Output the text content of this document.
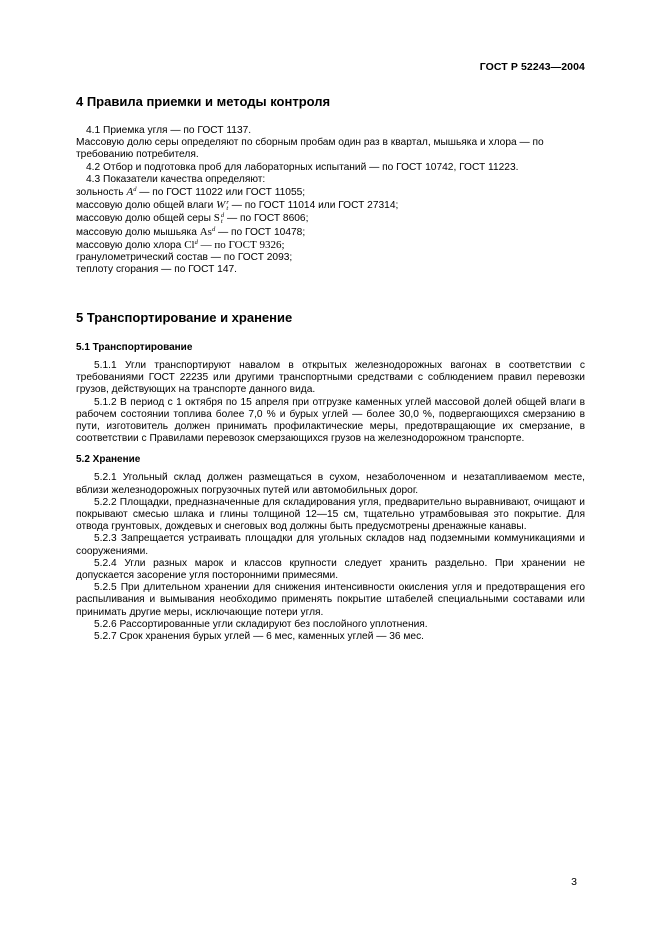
ГОСТ Р 52243—2004
4 Правила приемки и методы контроля

4.1 Приемка угля — по ГОСТ 1137.

Массовую долю серы определяют по сборным пробам один раз в квартал, мышьяка и хлора — по требованию потребителя.

4.2 Отбор и подготовка проб для лабораторных испытаний — по ГОСТ 10742, ГОСТ 11223.

4.3 Показатели качества определяют:

зольность $A^d$ — по ГОСТ 11022 или ГОСТ 11055;

массовую долю общей влаги W r
t — по ГОСТ 11014 или ГОСТ 27314;

массовую долю общей серы S d
t — по ГОСТ 8606;

массовую долю мышьяка As$^d$ — по ГОСТ 10478;

массовую долю хлора Cl$^d$ — по ГОСТ 9326;

гранулометрический состав — по ГОСТ 2093;

теплоту сгорания — по ГОСТ 147.

5 Транспортирование и хранение
5.1 Транспортирование

5.1.1 Угли транспортируют навалом в открытых железнодорожных вагонах в соответствии с требованиями ГОСТ 22235 или другими транспортными средствами с соблюдением правил перевозки грузов, действующих на транспорте данного вида.

5.1.2 В период с 1 октября по 15 апреля при отгрузке каменных углей массовой долей общей влаги в рабочем состоянии топлива более 7,0 % и бурых углей — более 30,0 %, подвергающихся смерзанию в пути, изготовитель должен принимать профилактические меры, предотвращающие их смерзание, в соответствии с Правилами перевозок смерзающихся грузов на железнодорожном транспорте.

5.2 Хранение

5.2.1 Угольный склад должен размещаться в сухом, незаболоченном и незатапливаемом месте, вблизи железнодорожных погрузочных путей или автомобильных дорог.

5.2.2 Площадки, предназначенные для складирования угля, предварительно выравнивают, очищают и покрывают смесью шлака и глины толщиной 12—15 см, тщательно утрамбовывая это покрытие. Для отвода грунтовых, дождевых и снеговых вод должны быть предусмотрены дренажные канавы.

5.2.3 Запрещается устраивать площадки для угольных складов над подземными коммуникациями и сооружениями.

5.2.4 Угли разных марок и классов крупности следует хранить раздельно. При хранении не допускается засорение угля посторонними примесями.

5.2.5 При длительном хранении для снижения интенсивности окисления угля и предотвращения его распыливания и вымывания необходимо применять покрытие штабелей специальными составами или принимать другие меры, исключающие потери угля.

5.2.6 Рассортированные угли складируют без послойного уплотнения.

5.2.7 Срок хранения бурых углей — 6 мес, каменных углей — 36 мес.

3
